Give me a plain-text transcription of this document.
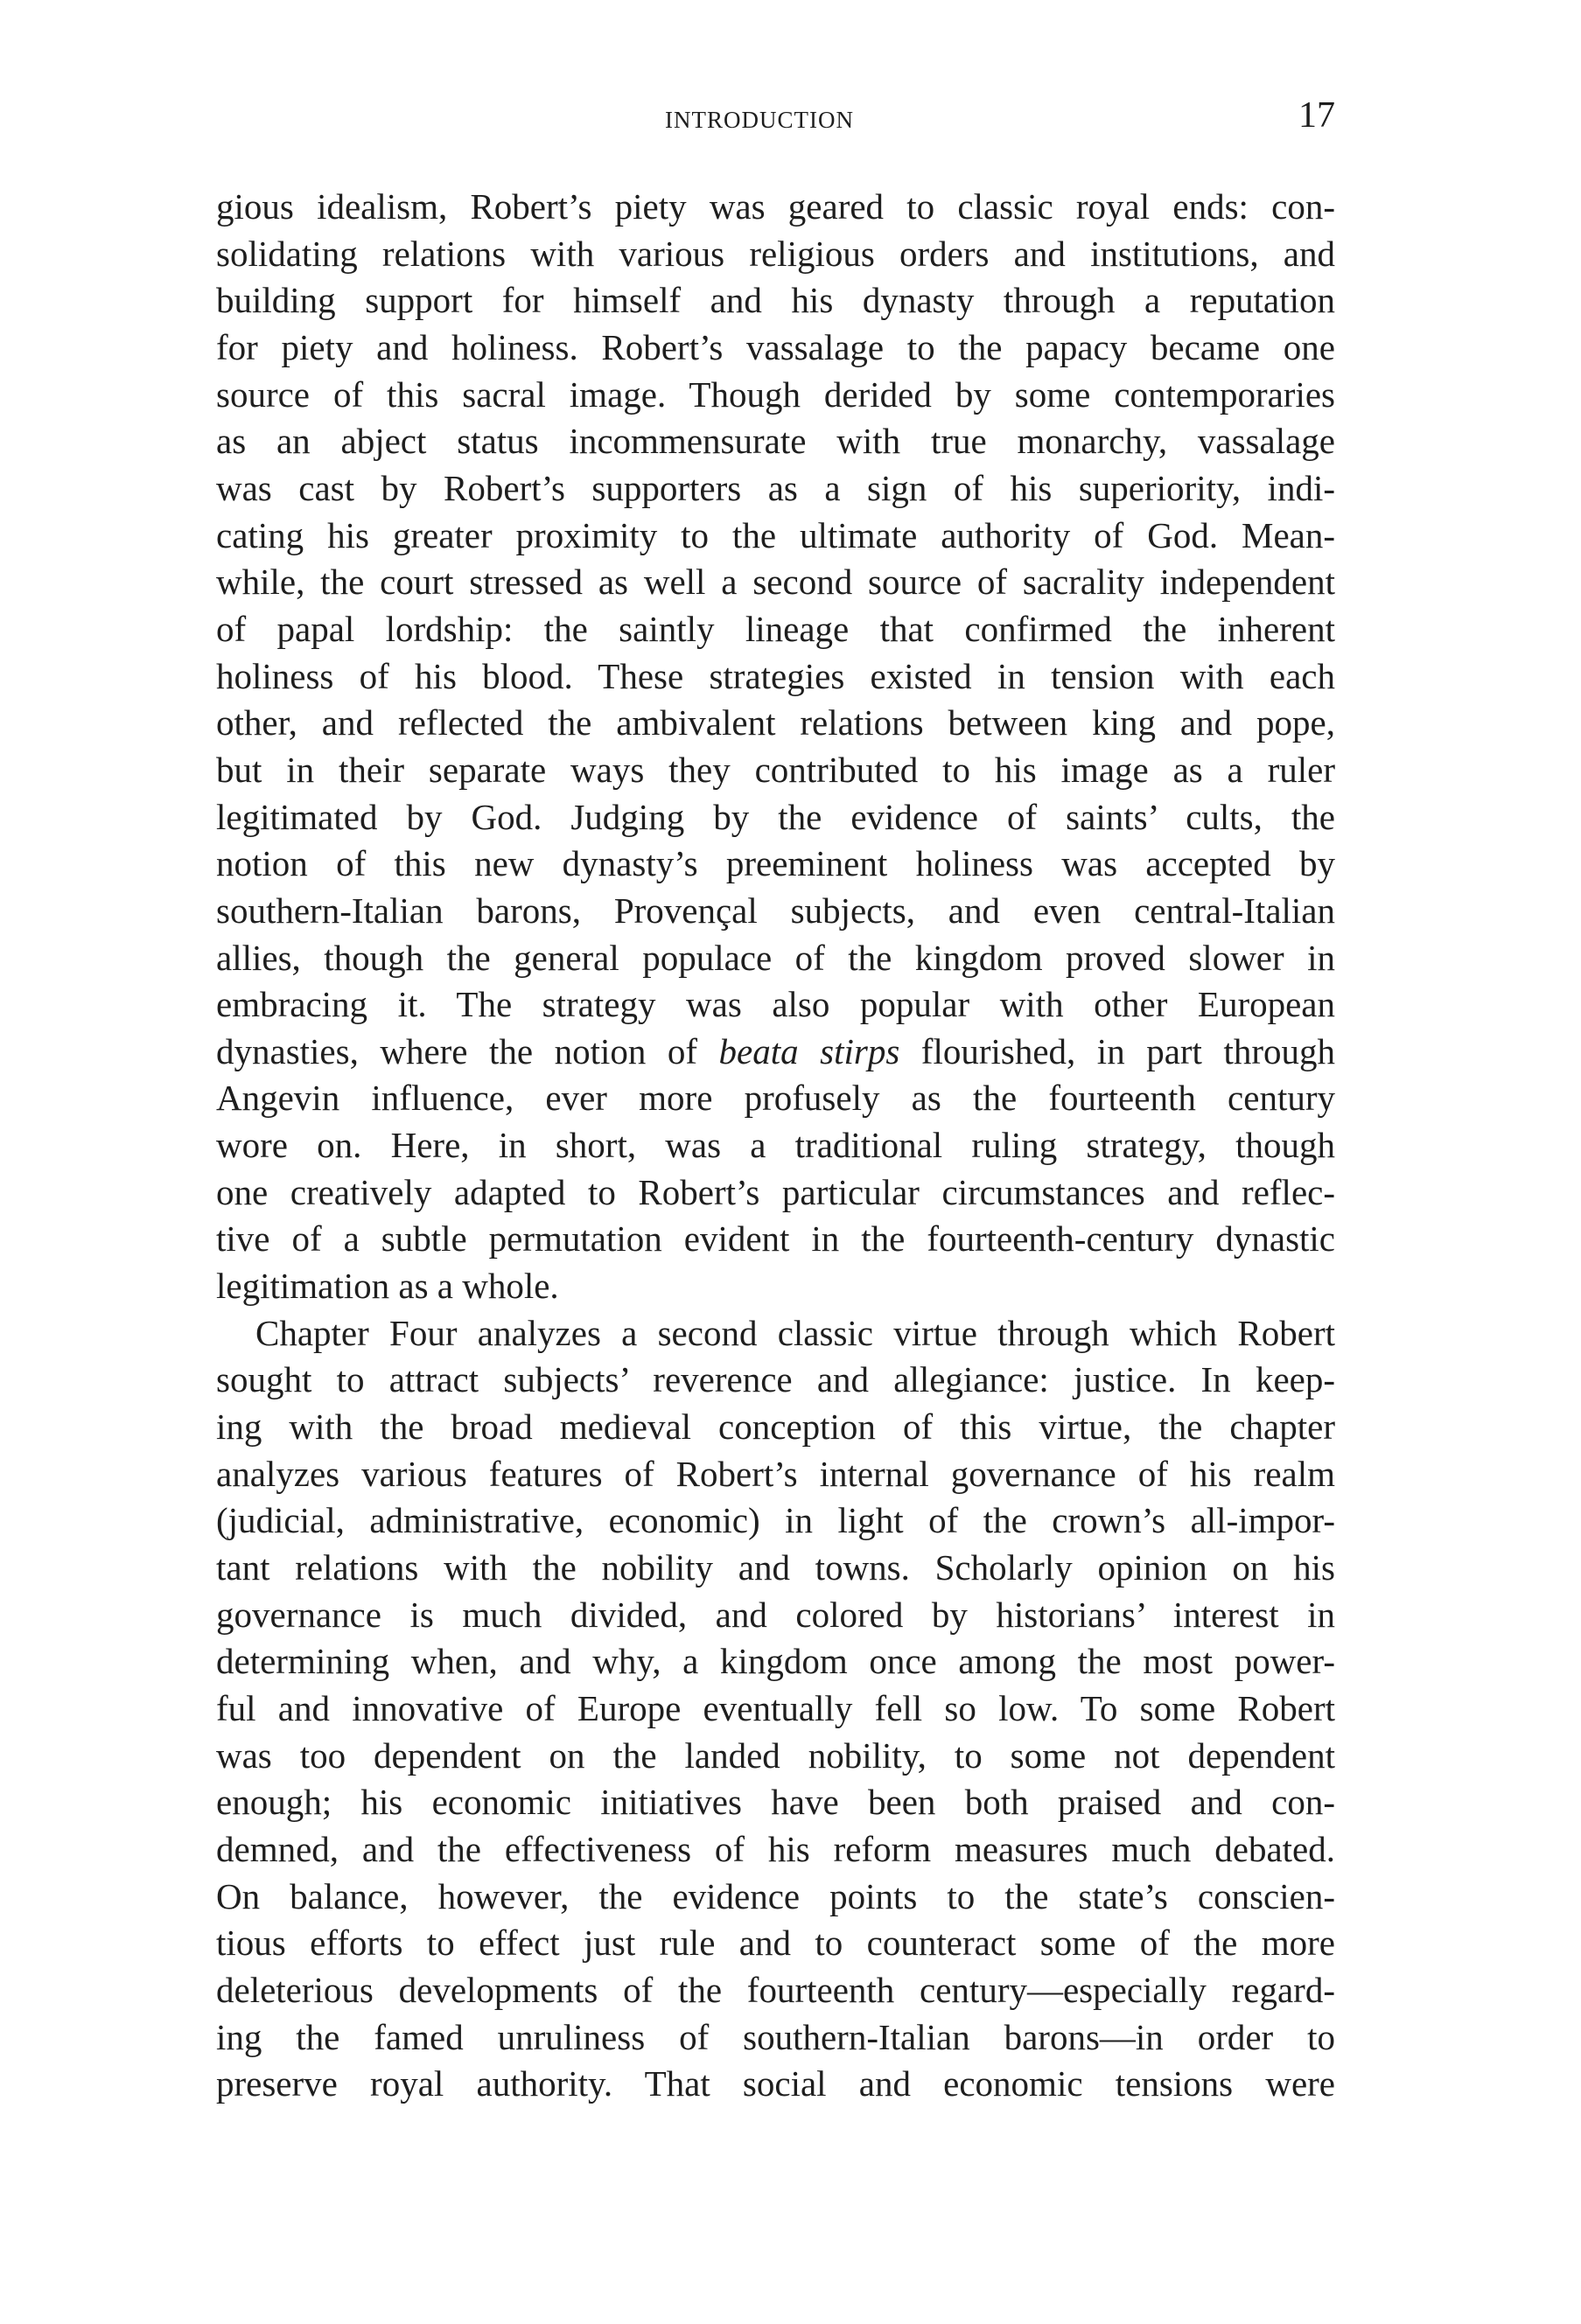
INTRODUCTION	17
gious idealism, Robert’s piety was geared to classic royal ends: con-
solidating relations with various religious orders and institutions, and
building support for himself and his dynasty through a reputation
for piety and holiness. Robert’s vassalage to the papacy became one
source of this sacral image. Though derided by some contemporaries
as an abject status incommensurate with true monarchy, vassalage
was cast by Robert’s supporters as a sign of his superiority, indi-
cating his greater proximity to the ultimate authority of God. Mean-
while, the court stressed as well a second source of sacrality independent
of papal lordship: the saintly lineage that confirmed the inherent
holiness of his blood. These strategies existed in tension with each
other, and reflected the ambivalent relations between king and pope,
but in their separate ways they contributed to his image as a ruler
legitimated by God. Judging by the evidence of saints’ cults, the
notion of this new dynasty’s preeminent holiness was accepted by
southern-Italian barons, Provençal subjects, and even central-Italian
allies, though the general populace of the kingdom proved slower in
embracing it. The strategy was also popular with other European
dynasties, where the notion of beata stirps flourished, in part through
Angevin influence, ever more profusely as the fourteenth century
wore on. Here, in short, was a traditional ruling strategy, though
one creatively adapted to Robert’s particular circumstances and reflec-
tive of a subtle permutation evident in the fourteenth-century dynastic
legitimation as a whole.
Chapter Four analyzes a second classic virtue through which Robert
sought to attract subjects’ reverence and allegiance: justice. In keep-
ing with the broad medieval conception of this virtue, the chapter
analyzes various features of Robert’s internal governance of his realm
(judicial, administrative, economic) in light of the crown’s all-impor-
tant relations with the nobility and towns. Scholarly opinion on his
governance is much divided, and colored by historians’ interest in
determining when, and why, a kingdom once among the most power-
ful and innovative of Europe eventually fell so low. To some Robert
was too dependent on the landed nobility, to some not dependent
enough; his economic initiatives have been both praised and con-
demned, and the effectiveness of his reform measures much debated.
On balance, however, the evidence points to the state’s conscien-
tious efforts to effect just rule and to counteract some of the more
deleterious developments of the fourteenth century—especially regard-
ing the famed unruliness of southern-Italian barons—in order to
preserve royal authority. That social and economic tensions were
